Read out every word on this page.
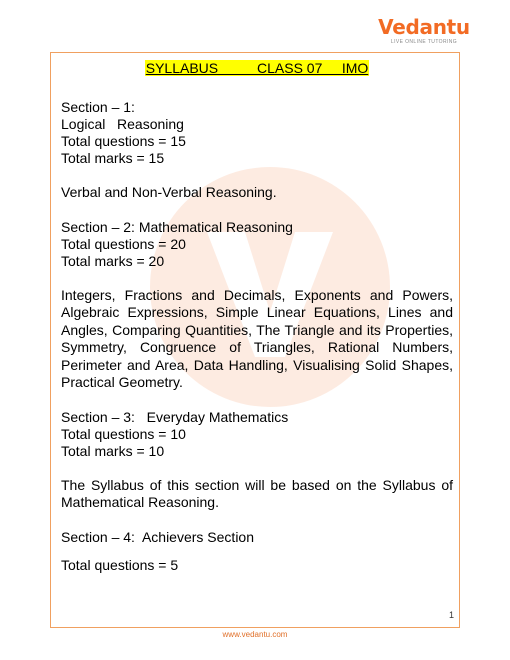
Vedantu
LIVE ONLINE TUTORING
SYLLABUS          CLASS 07     IMO
Section – 1:
Logical   Reasoning
Total questions = 15
Total marks = 15
Verbal and Non-Verbal Reasoning.
Section – 2: Mathematical Reasoning
Total questions = 20
Total marks = 20
Integers, Fractions and Decimals, Exponents and Powers, Algebraic Expressions, Simple Linear Equations, Lines and Angles, Comparing Quantities, The Triangle and its Properties, Symmetry, Congruence of Triangles, Rational Numbers, Perimeter and Area, Data Handling, Visualising Solid Shapes, Practical Geometry.
Section – 3:   Everyday Mathematics
Total questions = 10
Total marks = 10
The Syllabus of this section will be based on the Syllabus of Mathematical Reasoning.
Section – 4:  Achievers Section
Total questions = 5
1
www.vedantu.com
